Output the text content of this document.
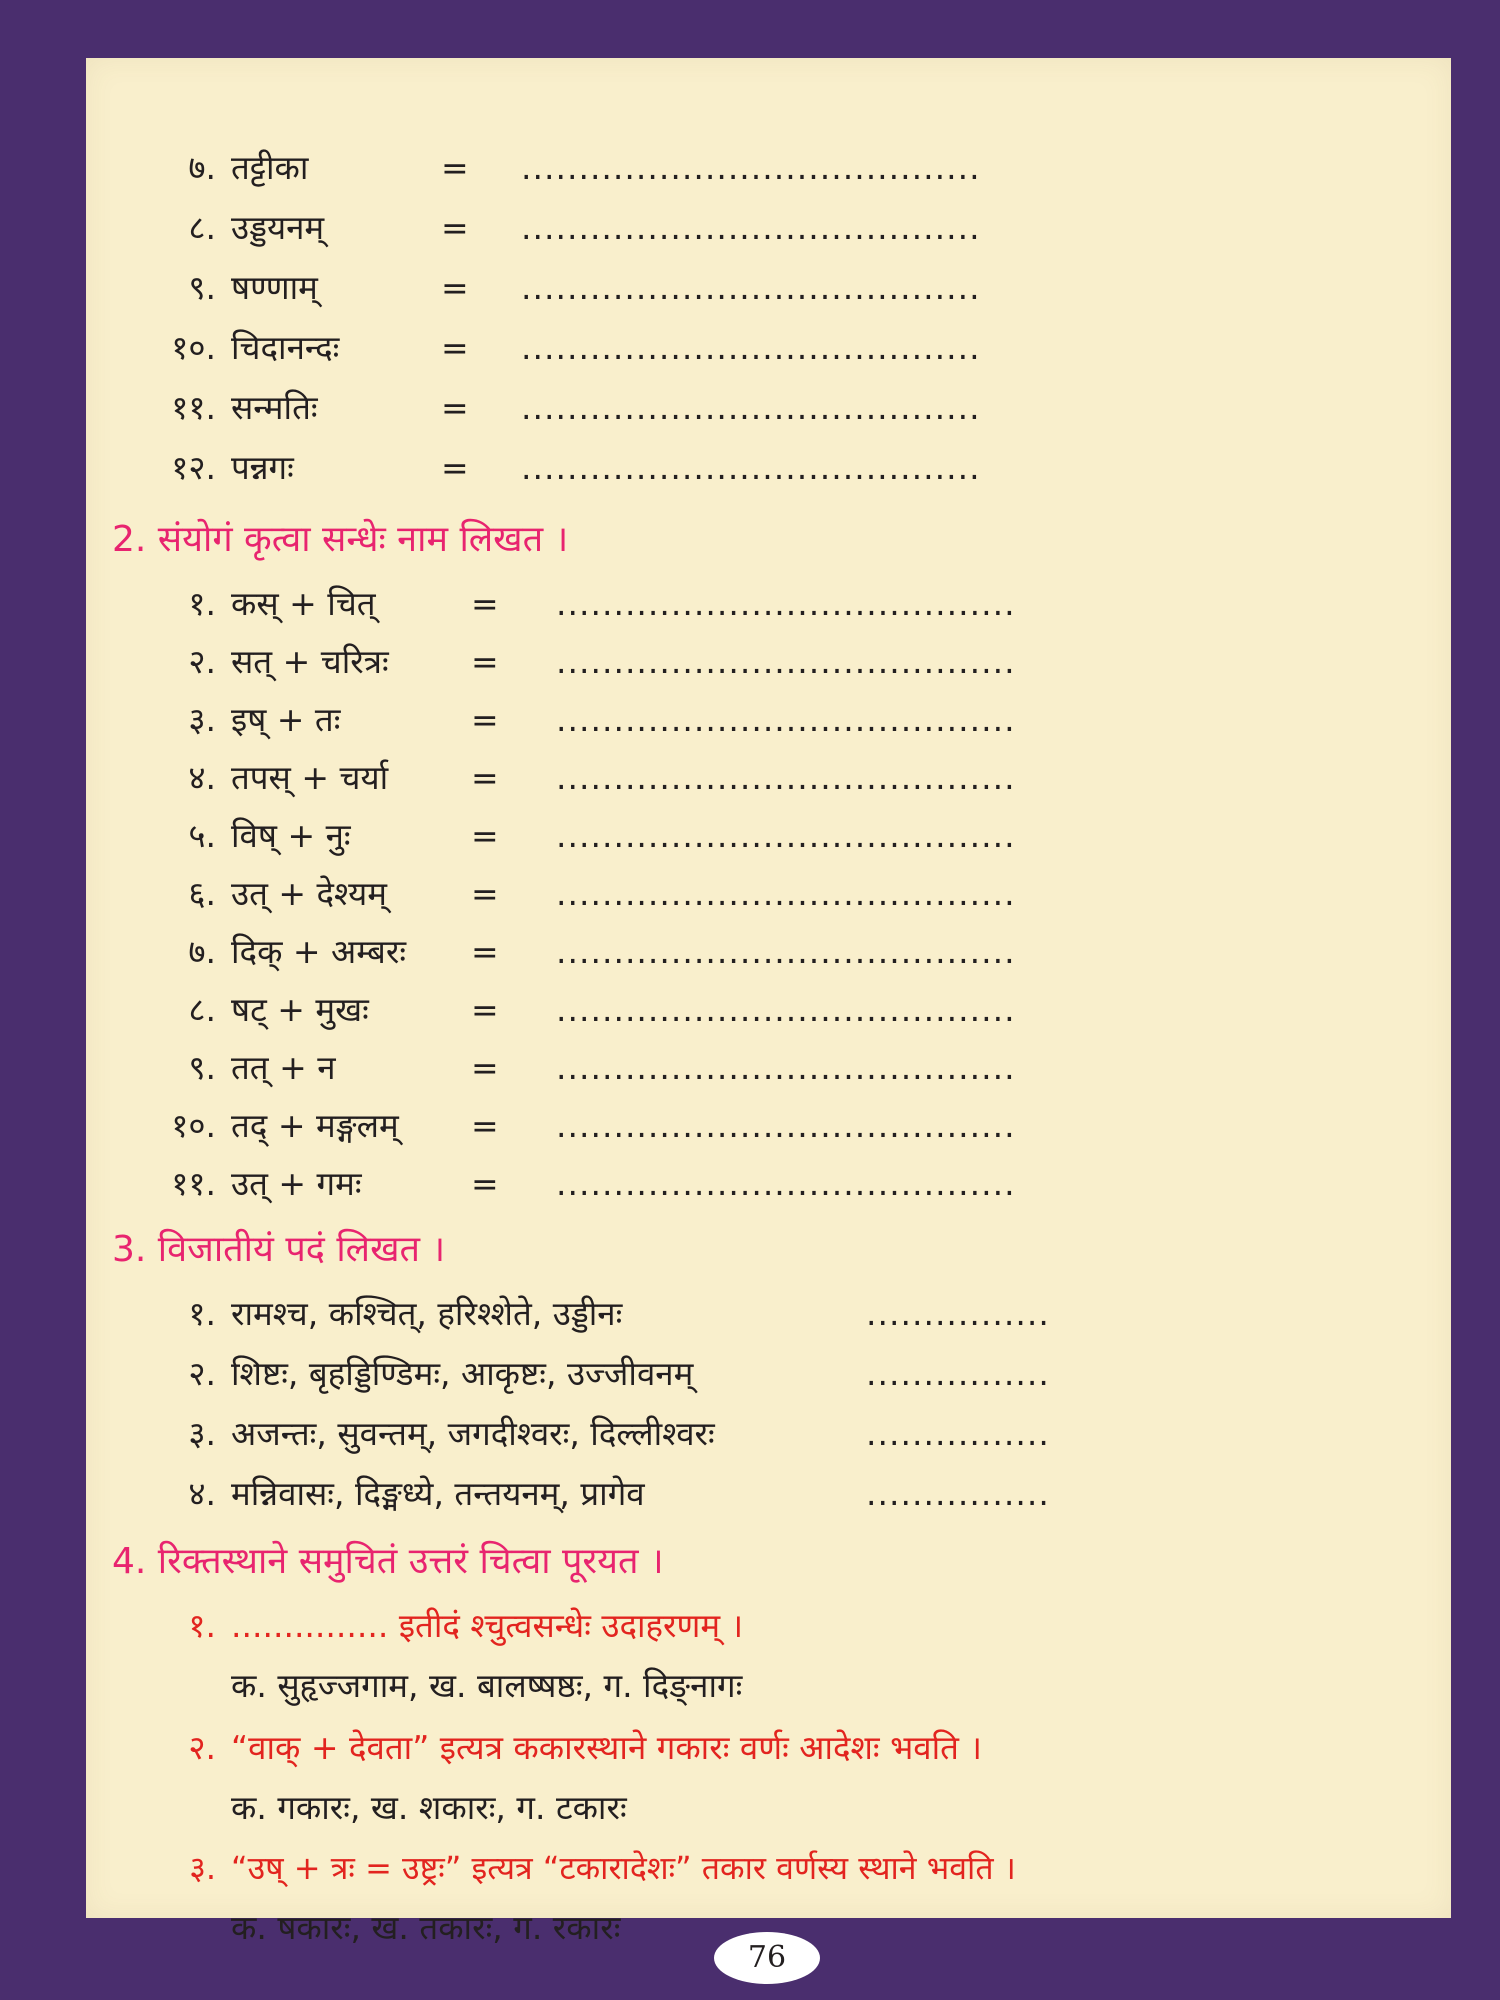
७. तट्टीका	= ........................................
८. उड्डयनम्	= ........................................
९. षण्णाम्	= ........................................
१०. चिदानन्दः	= ........................................
११. सन्मतिः	= ........................................
१२. पन्नगः	= ........................................
2. संयोगं कृत्वा सन्धेः नाम लिखत ।
१. कस् + चित्	= ........................................
२. सत् + चरित्रः = ........................................
३. इष् + तः	= ........................................
४. तपस् + चर्या	= ........................................
५. विष् + नुः	= ........................................
६. उत् + देश्यम्	= ........................................
७. दिक् + अम्बरः = ........................................
८. षट् + मुखः	= ........................................
९. तत् + न	= ........................................
१०. तद् + मङ्गलम् = ........................................
११. उत् + गमः	= ........................................
3. विजातीयं पदं लिखत ।
१. रामश्च, कश्चित्, हरिश्शेते, उड्डीनः	................
२. शिष्टः, बृहड्डिण्डिमः, आकृष्टः, उज्जीवनम्	................
३. अजन्तः, सुवन्तम्, जगदीश्वरः, दिल्लीश्वरः	................
४. मन्निवासः, दिङ्मध्ये, तन्तयनम्, प्रागेव	................
4. रिक्तस्थाने समुचितं उत्तरं चित्वा पूरयत ।
१. ............... इतीदं श्चुत्वसन्धेः उदाहरणम् ।
क. सुहृज्जगाम, ख. बालष्षष्ठः, ग. दिङ्नागः
२. “वाक् + देवता” इत्यत्र ककारस्थाने गकारः वर्णः आदेशः भवति ।
क. गकारः, ख. शकारः, ग. टकारः
३. “उष् + त्रः = उष्ट्रः” इत्यत्र “टकारादेशः” तकार वर्णस्य स्थाने भवति ।
क. षकारः, ख. तकारः, ग. रकारः
76
